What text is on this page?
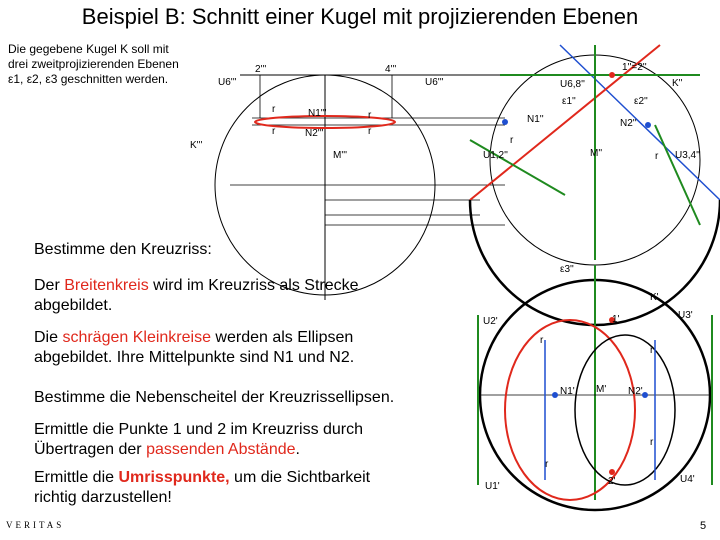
Beispiel B: Schnitt einer Kugel mit projizierenden Ebenen
Die gegebene Kugel K soll mit
drei zweitprojizierenden Ebenen
ε1, ε2, ε3 geschnitten werden.	U6'''
2'''	4'''
U6'''
K'''
r
r
r
r
N1'''
N2'''
M'''
U6,8''
1''=2''
K''
ε1''	ε2''
N1''	N2''
U1,2''	M''	U3,4''
r
r
ε3''
K'
U2'
U3'
1'
r
r
N1' M' N2'
r
r
2'
U1'
U4'
Bestimme den Kreuzriss:
Der Breitenkreis wird im Kreuzriss als Strecke
abgebildet.
Die schrägen Kleinkreise werden als Ellipsen
abgebildet. Ihre Mittelpunkte sind N1 und N2.
Bestimme die Nebenscheitel der Kreuzrissellipsen.
Ermittle die Punkte 1 und 2 im Kreuzriss durch
Übertragen der passenden Abstände.
Ermittle die Umrisspunkte, um die Sichtbarkeit
richtig darzustellen!
VERITAS	5
